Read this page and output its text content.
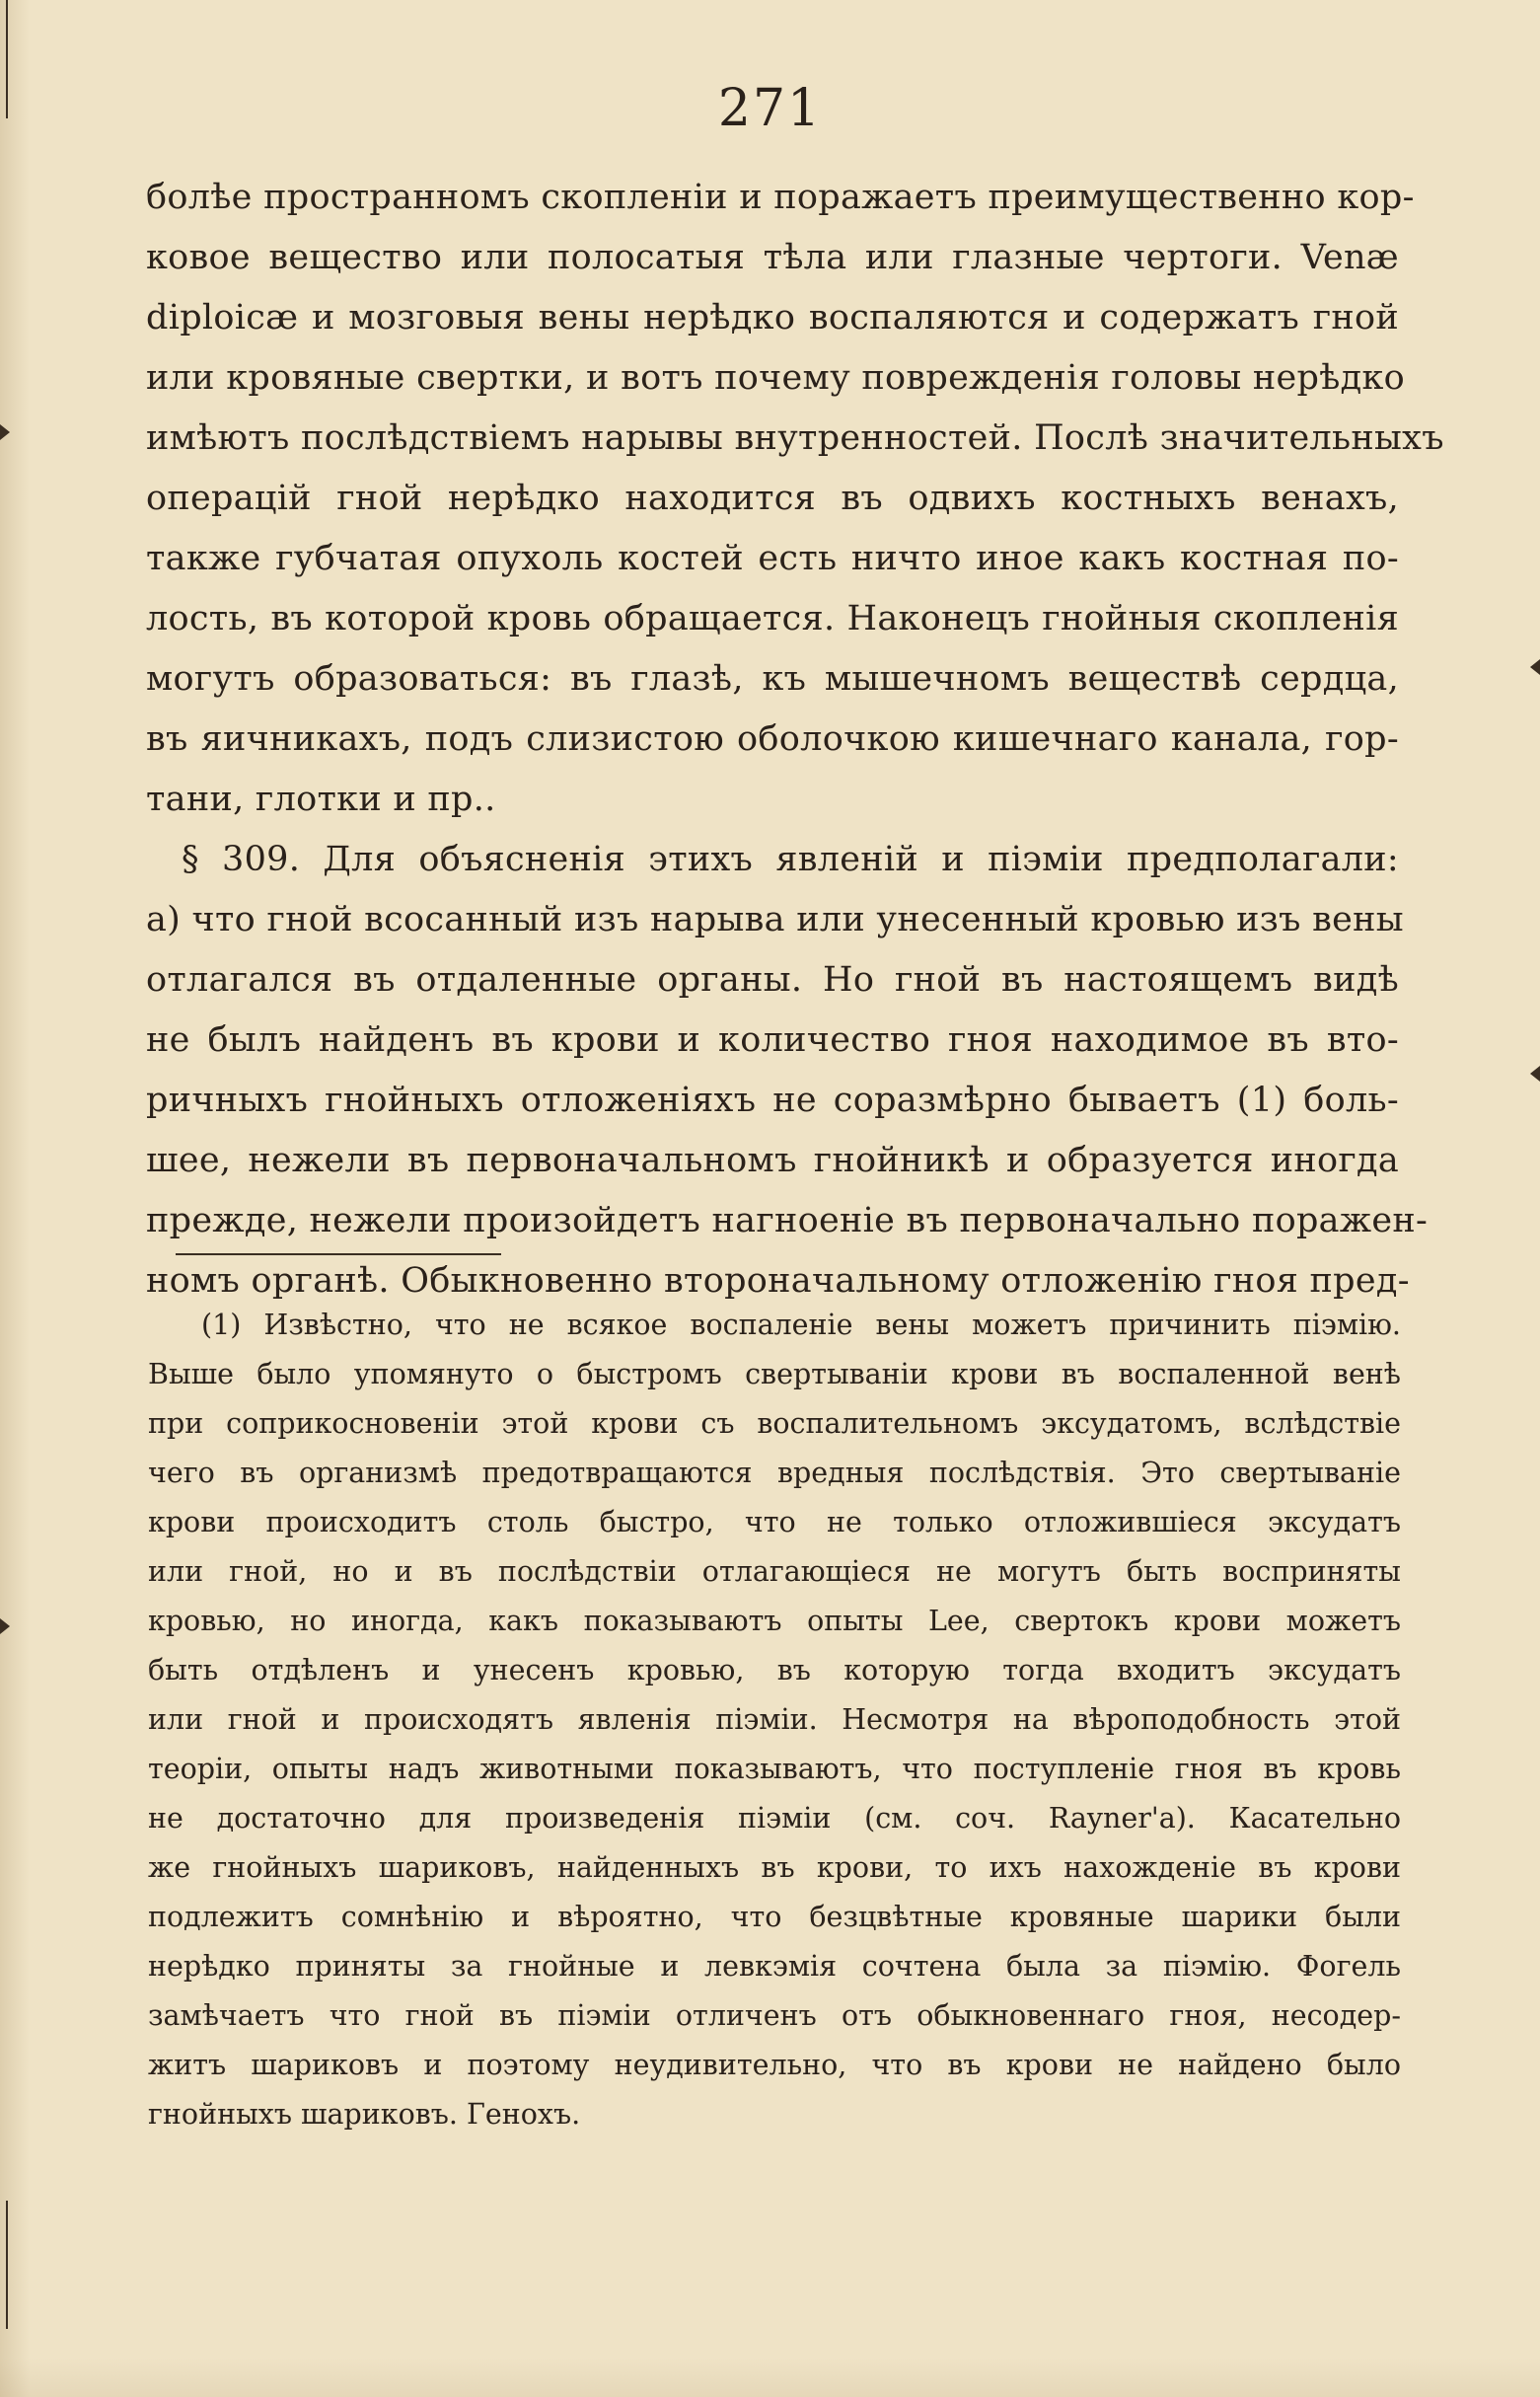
271
болѣе пространномъ скопленіи и поражаетъ преимущественно кор-
ковое вещество или полосатыя тѣла или глазные чертоги. Venæ
diploicæ и мозговыя вены нерѣдко воспаляются и содержатъ гной
или кровяные свертки, и вотъ почему поврежденія головы нерѣдко
имѣютъ послѣдствіемъ нарывы внутренностей. Послѣ значительныхъ
операцій гной нерѣдко находится въ одвихъ костныхъ венахъ,
также губчатая опухоль костей есть ничто иное какъ костная по-
лость, въ которой кровь обращается. Наконецъ гнойныя скопленія
могутъ образоваться: въ глазѣ, къ мышечномъ веществѣ сердца,
въ яичникахъ, подъ слизистою оболочкою кишечнаго канала, гор-
тани, глотки и пр..
§ 309. Для объясненія этихъ явленій и піэміи предполагали:
а) что гной всосанный изъ нарыва или унесенный кровью изъ вены
отлагался въ отдаленные органы. Но гной въ настоящемъ видѣ
не былъ найденъ въ крови и количество гноя находимое въ вто-
ричныхъ гнойныхъ отложеніяхъ не соразмѣрно бываетъ (1) боль-
шее, нежели въ первоначальномъ гнойникѣ и образуется иногда
прежде, нежели произойдетъ нагноеніе въ первоначально поражен-
номъ органѣ. Обыкновенно второначальному отложенію гноя пред-
(1) Извѣстно, что не всякое воспаленіе вены можетъ причинить піэмію.
Выше было упомянуто о быстромъ свертываніи крови въ воспаленной венѣ
при соприкосновеніи этой крови съ воспалительномъ эксудатомъ, вслѣдствіе
чего въ организмѣ предотвращаются вредныя послѣдствія. Это свертываніе
крови происходитъ столь быстро, что не только отложившіеся эксудатъ
или гной, но и въ послѣдствіи отлагающіеся не могутъ быть восприняты
кровью, но иногда, какъ показываютъ опыты Lee, свертокъ крови можетъ
быть отдѣленъ и унесенъ кровью, въ которую тогда входитъ эксудатъ
или гной и происходятъ явленія піэміи. Несмотря на вѣроподобность этой
теоріи, опыты надъ животными показываютъ, что поступленіе гноя въ кровь
не достаточно для произведенія піэміи (см. соч. Rayner'а). Касательно
же гнойныхъ шариковъ, найденныхъ въ крови, то ихъ нахожденіе въ крови
подлежитъ сомнѣнію и вѣроятно, что безцвѣтные кровяные шарики были
нерѣдко приняты за гнойные и левкэмія сочтена была за піэмію. Фогель
замѣчаетъ что гной въ піэміи отличенъ отъ обыкновеннаго гноя, несодер-
житъ шариковъ и поэтому неудивительно, что въ крови не найдено было
гнойныхъ шариковъ. Генохъ.
